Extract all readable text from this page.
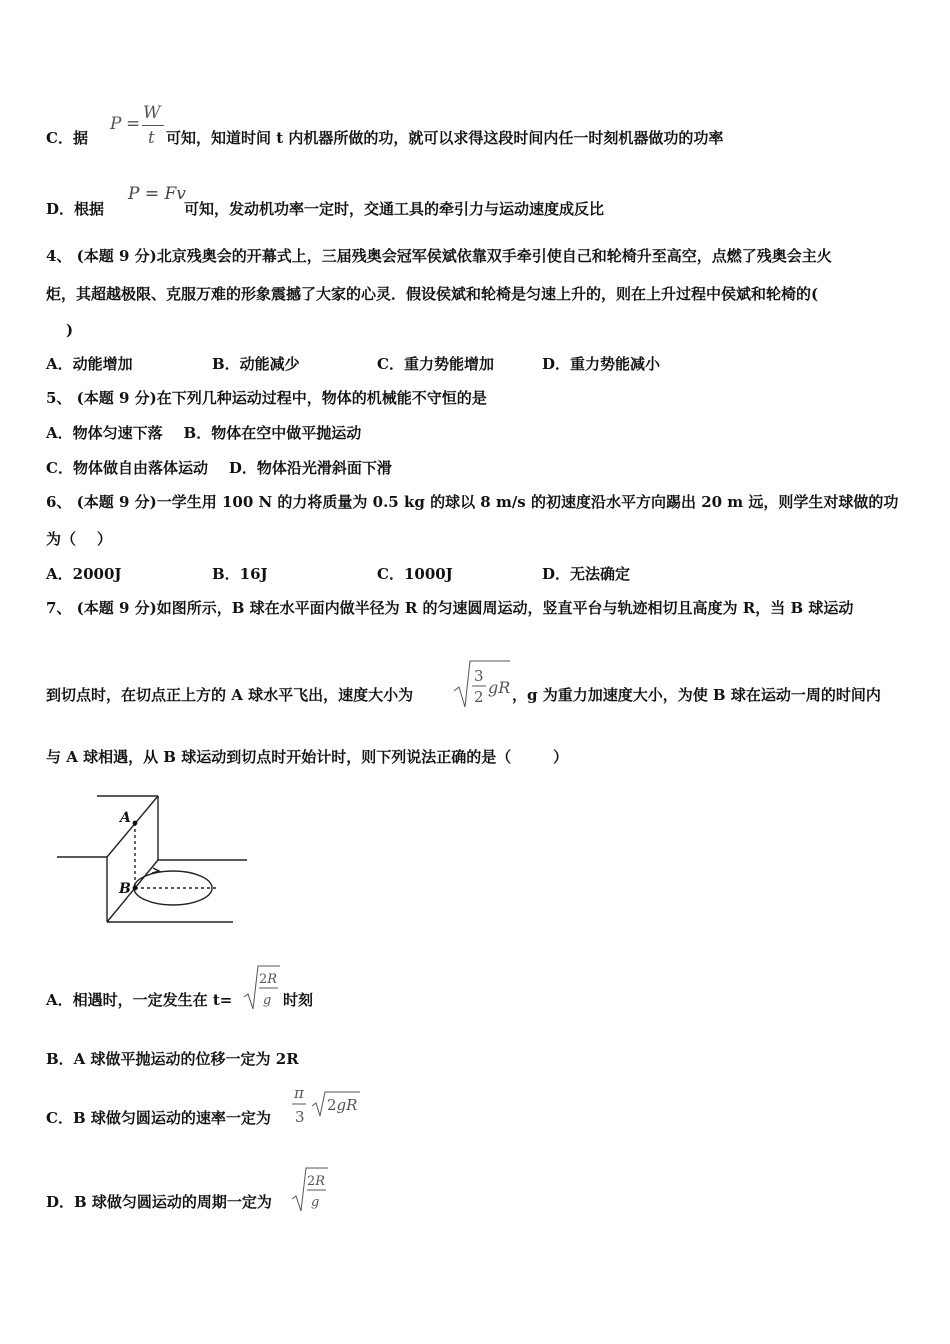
C．据
P =
W
t 可知，知道时间 t 内机器所做的功，就可以求得这段时间内任一时刻机器做功的功率
D．根据
P = Fv
可知，发动机功率一定时，交通工具的牵引力与运动速度成反比
4、 (本题 9 分)北京残奥会的开幕式上，三届残奥会冠军侯斌依靠双手牵引使自己和轮椅升至高空，点燃了残奥会主火
炬，其超越极限、克服万难的形象震撼了大家的心灵．假设侯斌和轮椅是匀速上升的，则在上升过程中侯斌和轮椅的(
)
A．动能增加	B．动能减少	C．重力势能增加	D．重力势能减小
5、 (本题 9 分)在下列几种运动过程中，物体的机械能不守恒的是
A．物体匀速下落    B．物体在空中做平抛运动
C．物体做自由落体运动    D．物体沿光滑斜面下滑
6、 (本题 9 分)一学生用 100 N 的力将质量为 0.5 kg 的球以 8 m/s 的初速度沿水平方向踢出 20 m 远，则学生对球做的功
为（    ）
A．2000J	B．16J	C．1000J	D．无法确定
7、 (本题 9 分)如图所示，B 球在水平面内做半径为 R 的匀速圆周运动，竖直平台与轨迹相切且高度为 R，当 B 球运动
到切点时，在切点正上方的 A 球水平飞出，速度大小为
3
2 gR ，g 为重力加速度大小，为使 B 球在运动一周的时间内
与 A 球相遇，从 B 球运动到切点时开始计时，则下列说法正确的是（        ）
A
B
A．相遇时，一定发生在 t=
2R
g 时刻
B．A 球做平抛运动的位移一定为 2R
C．B 球做匀圆运动的速率一定为
π
3
2gR
D．B 球做匀圆运动的周期一定为
2R
g
